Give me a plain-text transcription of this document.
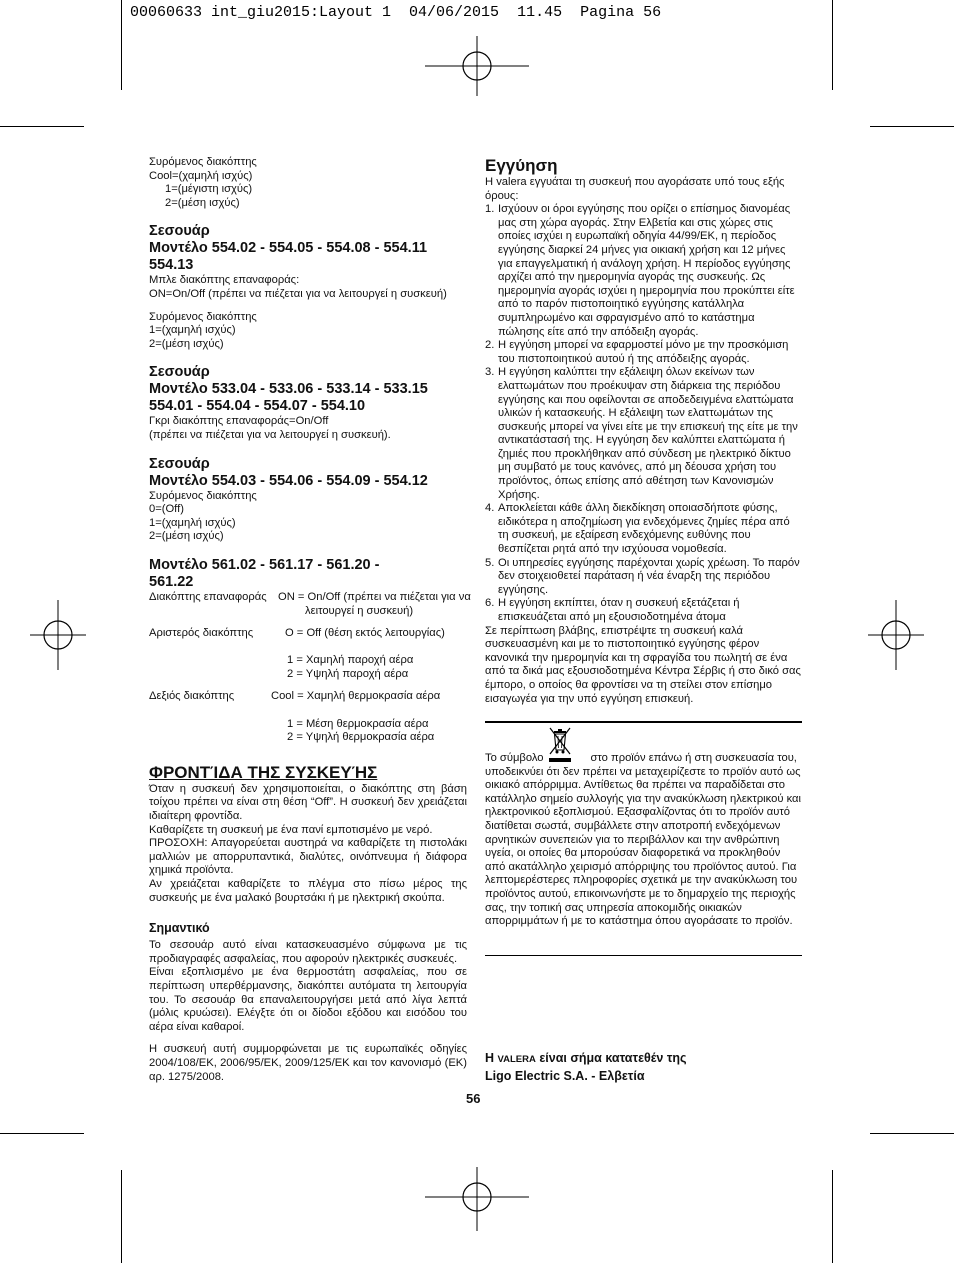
00060633 int_giu2015:Layout 1  04/06/2015  11.45  Pagina 56

Συρόμενος διακόπτης

Cool=(χαμηλή ισχύς)

1=(μέγιστη ισχύς)

2=(μέση ισχύς)

Σεσουάρ

Μοντέλο 554.02 - 554.05 - 554.08 - 554.11

554.13

Μπλε διακόπτης επαναφοράς:

ON=On/Off (πρέπει να πιέζεται για να λειτουργεί η συσκευή)

Συρόμενος διακόπτης

1=(χαμηλή ισχύς)

2=(μέση ισχύς)

Σεσουάρ

Μοντέλο 533.04 - 533.06 - 533.14 - 533.15

554.01 - 554.04 - 554.07 - 554.10

Γκρι διακόπτης επαναφοράς=On/Off

(πρέπει να πιέζεται για να λειτουργεί η συσκευή).

Σεσουάρ

Μοντέλο 554.03 - 554.06 - 554.09 - 554.12

Συρόμενος διακόπτης

0=(Off)

1=(χαμηλή ισχύς)

2=(μέση ισχύς)

Μοντέλο 561.02 - 561.17 - 561.20 -

561.22

Διακόπτης επαναφοράς ON = On/Off (πρέπει να πιέζεται για να
λειτουργεί η συσκευή)
Αριστερός διακόπτης	O = Off (θέση εκτός λειτουργίας)
1 = Χαμηλή παροχή αέρα
2 = Υψηλή παροχή αέρα
Δεξιός διακόπτης	Cool = Χαμηλή θερμοκρασία αέρα
1 = Μέση θερμοκρασία αέρα
2 = Υψηλή θερμοκρασία αέρα

ΦΡΟΝΤΊΔΑ ΤΗΣ ΣΥΣΚΕΥΉΣ

Όταν η συσκευή δεν χρησιμοποιείται, ο διακόπτης στη βάση τοίχου πρέπει να είναι στη θέση “Off”. Η συσκευή δεν χρειάζεται ιδιαίτερη φροντίδα.

Καθαρίζετε τη συσκευή με ένα πανί εμποτισμένο με νερό.

ΠΡΟΣΟΧΗ: Απαγορεύεται αυστηρά να καθαρίζετε τη πιστολάκι μαλλιών με απορρυπαντικά, διαλύτες, οινόπνευμα ή διάφορα χημικά προϊόντα.

Αν χρειάζεται καθαρίζετε το πλέγμα στο πίσω μέρος της συσκευής με ένα μαλακό βουρτσάκι ή με ηλεκτρική σκούπα.

Σημαντικό

Το σεσουάρ αυτό είναι κατασκευασμένο σύμφωνα με τις προδιαγραφές ασφαλείας, που αφορούν ηλεκτρικές συσκευές.

Είναι εξοπλισμένο με ένα θερμοστάτη ασφαλείας, που σε περίπτωση υπερθέρμανσης, διακόπτει αυτόματα τη λειτουργία του. Το σεσουάρ θα επαναλειτουργήσει μετά από λίγα λεπτά (μόλις κρυώσει). Ελέγξτε ότι οι δίοδοι εξόδου και εισόδου του αέρα είναι καθαροί.

Η συσκευή αυτή συμμορφώνεται με τις ευρωπαϊκές οδηγίες 2004/108/ΕΚ, 2006/95/ΕΚ, 2009/125/ΕΚ και τον κανονισμό (ΕΚ) αρ. 1275/2008.

Εγγύηση

Η valera εγγυάται τη συσκευή που αγοράσατε υπό τους εξής όρους:

1. Ισχύουν οι όροι εγγύησης που ορίζει ο επίσημος διανομέας μας στη χώρα αγοράς. Στην Ελβετία και στις χώρες στις οποίες ισχύει η ευρωπαϊκή οδηγία 44/99/ΕΚ, η περίοδος εγγύησης διαρκεί 24 μήνες για οικιακή χρήση και 12 μήνες για επαγγελματική ή ανάλογη χρήση. Η περίοδος εγγύησης αρχίζει από την ημερομηνία αγοράς της συσκευής. Ως ημερομηνία αγοράς ισχύει η ημερομηνία που προκύπτει είτε από το παρόν πιστοποιητικό εγγύησης κατάλληλα συμπληρωμένο και σφραγισμένο από το κατάστημα πώλησης είτε από την απόδειξη αγοράς.
2. Η εγγύηση μπορεί να εφαρμοστεί μόνο με την προσκόμιση του πιστοποιητικού αυτού ή της απόδειξης αγοράς.
3. Η εγγύηση καλύπτει την εξάλειψη όλων εκείνων των ελαττωμάτων που προέκυψαν στη διάρκεια της περιόδου εγγύησης και που οφείλονται σε αποδεδειγμένα ελαττώματα υλικών ή κατασκευής. Η εξάλειψη των ελαττωμάτων της συσκευής μπορεί να γίνει είτε με την επισκευή της είτε με την αντικατάστασή της. Η εγγύηση δεν καλύπτει ελαττώματα ή ζημιές που προκλήθηκαν από σύνδεση με ηλεκτρικό δίκτυο μη συμβατό με τους κανόνες, από μη δέουσα χρήση του προϊόντος, όπως επίσης από αθέτηση των Κανονισμών Χρήσης.
4. Αποκλείεται κάθε άλλη διεκδίκηση οποιασδήποτε φύσης, ειδικότερα η αποζημίωση για ενδεχόμενες ζημίες πέρα από τη συσκευή, με εξαίρεση ενδεχόμενης ευθύνης που θεσπίζεται ρητά από την ισχύουσα νομοθεσία.
5. Οι υπηρεσίες εγγύησης παρέχονται χωρίς χρέωση. Το παρόν δεν στοιχειοθετεί παράταση ή νέα έναρξη της περιόδου εγγύησης.
6. Η εγγύηση εκπίπτει, όταν η συσκευή εξετάζεται ή επισκευάζεται από μη εξουσιοδοτημένα άτομα

Σε περίπτωση βλάβης, επιστρέψτε τη συσκευή καλά συσκευασμένη και με το πιστοποιητικό εγγύησης φέρον κανονικά την ημερομηνία και τη σφραγίδα του πωλητή σε ένα από τα δικά μας εξουσιοδοτημένα Κέντρα Σέρβις ή στο δικό σας έμπορο, ο οποίος θα φροντίσει να τη στείλει στον επίσημο εισαγωγέα για την υπό εγγύηση επισκευή.

Το σύμβολο	στο προϊόν επάνω ή στη συσκευασία του,

υποδεικνύει ότι δεν πρέπει να μεταχειρίζεστε το προϊόν αυτό ως οικιακό απόρριμμα. Αντίθετως θα πρέπει να παραδίδεται στο κατάλληλο σημείο συλλογής για την ανακύκλωση ηλεκτρικού και ηλεκτρονικού εξοπλισμού. Εξασφαλίζοντας ότι το προϊόν αυτό διατίθεται σωστά, συμβάλλετε στην αποτροπή ενδεχόμενων αρνητικών συνεπειών για το περιβάλλον και την ανθρώπινη υγεία, οι οποίες θα μπορούσαν διαφορετικά να προκληθούν από ακατάλληλο χειρισμό απόρριψης του προϊόντος αυτού. Για λεπτομερέστερες πληροφορίες σχετικά με την ανακύκλωση του προϊόντος αυτού, επικοινωνήστε με το δημαρχείο της περιοχής σας, την τοπική σας υπηρεσία αποκομιδής οικιακών απορριμμάτων ή με το κατάστημα όπου αγοράσατε το προϊόν.

Η VALERA είναι σήμα κατατεθέν της
Ligo Electric S.A. - Ελβετία
56
